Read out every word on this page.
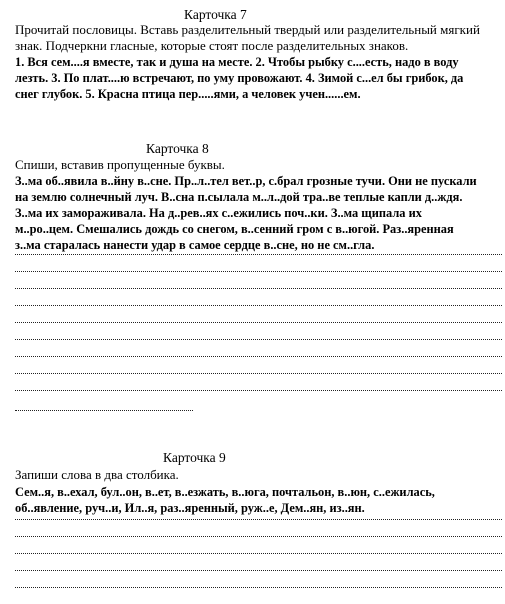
Карточка 7
Прочитай пословицы. Вставь разделительный твердый или разделительный мягкий
знак. Подчеркни гласные, которые стоят после разделительных знаков.
1. Вся сем....я вместе, так и душа на месте. 2. Чтобы рыбку с....есть, надо в воду
лезть. 3. По плат....ю встречают, по уму провожают. 4. Зимой с...ел бы грибок, да
снег глубок. 5. Красна птица пер.....ями, а человек учен......ем.
Карточка 8
Спиши, вставив пропущенные буквы.
З..ма об..явила в..йну в..сне. Пр..л..тел вет..р, с.брал грозные тучи. Они не пускали
на землю солнечный луч. В..сна п.сылала м..л..дой тра..ве теплые капли д..ждя.
З..ма их замораживала. На д..рев..ях с..ежились поч..ки. З..ма щипала их
м..ро..цем. Смешались дождь со снегом, в..сенний гром с в..югой. Раз..яренная
з..ма старалась нанести удар в самое сердце в..сне, но не см..гла.
Карточка 9
Запиши слова в два столбика.
Сем..я, в..ехал, бул..он, в..ет, в..езжать, в..юга, почтальон, в..юн, с..ежилась,
об..явление, руч..и, Ил..я, раз..яренный, руж..е, Дем..ян, из..ян.
